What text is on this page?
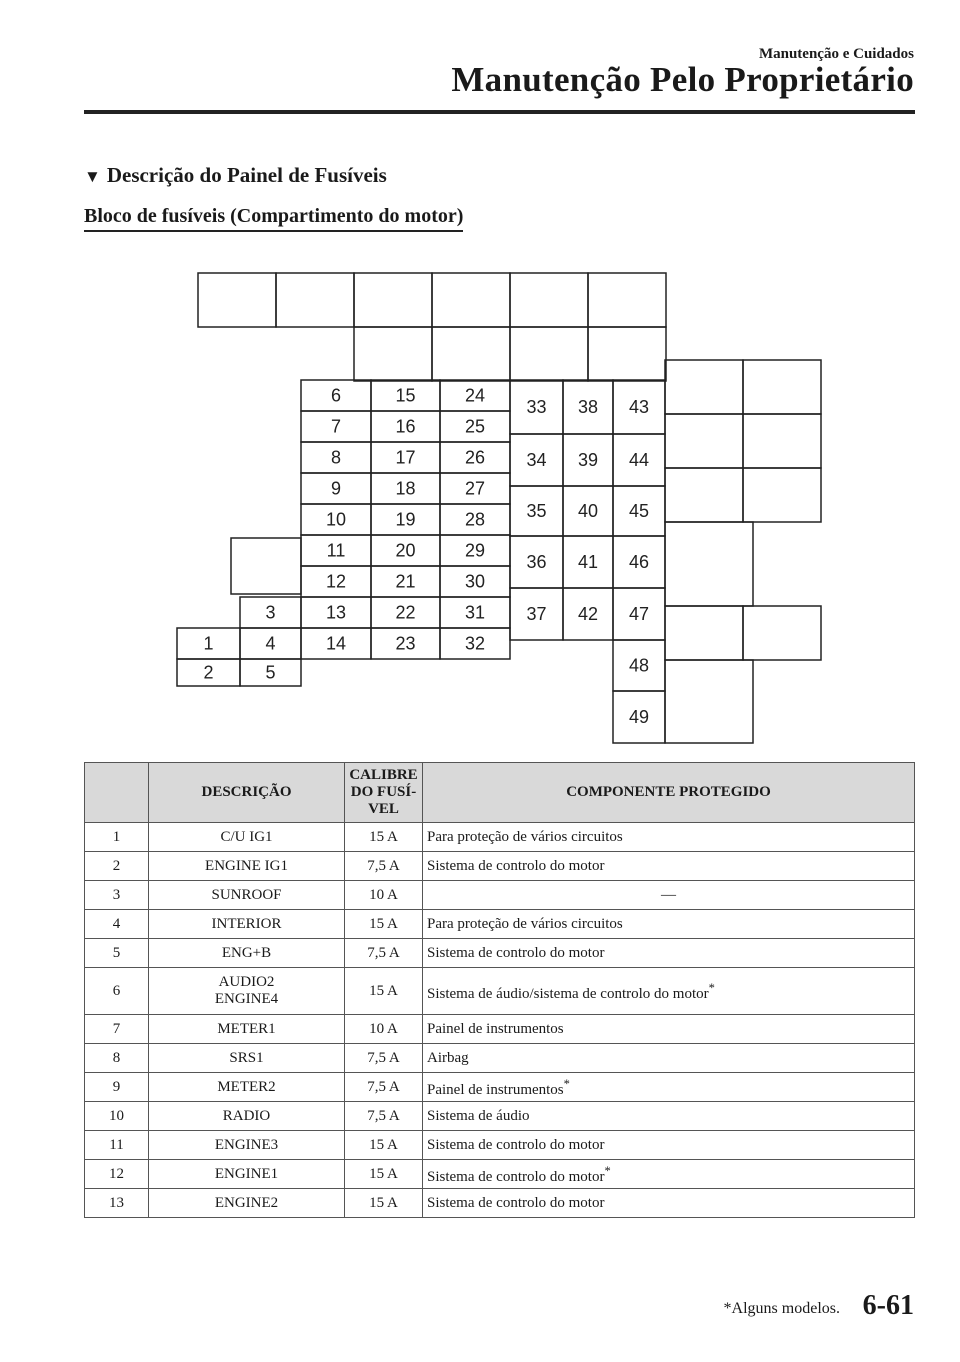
Manutenção e Cuidados
Manutenção Pelo Proprietário
▼ Descrição do Painel de Fusíveis
Bloco de fusíveis (Compartimento do motor)
6
7
8
9
10
11
12
13
14
15	24
16	25
17	26
18	27
19	28
20	29
21	30
22	31
23	32
3
1	4
2	5
33 38 43
34 39 44
35 40 45
36 41 46
37 42 47
48
49
	DESCRIÇÃO	CALIBRE
DO FUSÍ-
VEL	COMPONENTE PROTEGIDO
1	C/U IG1	15 A	Para proteção de vários circuitos
2	ENGINE IG1	7,5 A	Sistema de controlo do motor
3	SUNROOF	10 A	—
4	INTERIOR	15 A	Para proteção de vários circuitos
5	ENG+B	7,5 A	Sistema de controlo do motor
6	AUDIO2
ENGINE4	15 A	Sistema de áudio/sistema de controlo do motor*
7	METER1	10 A	Painel de instrumentos
8	SRS1	7,5 A	Airbag
9	METER2	7,5 A	Painel de instrumentos*
10	RADIO	7,5 A	Sistema de áudio
11	ENGINE3	15 A	Sistema de controlo do motor
12	ENGINE1	15 A	Sistema de controlo do motor*
13	ENGINE2	15 A	Sistema de controlo do motor
*Alguns modelos. 6-61
